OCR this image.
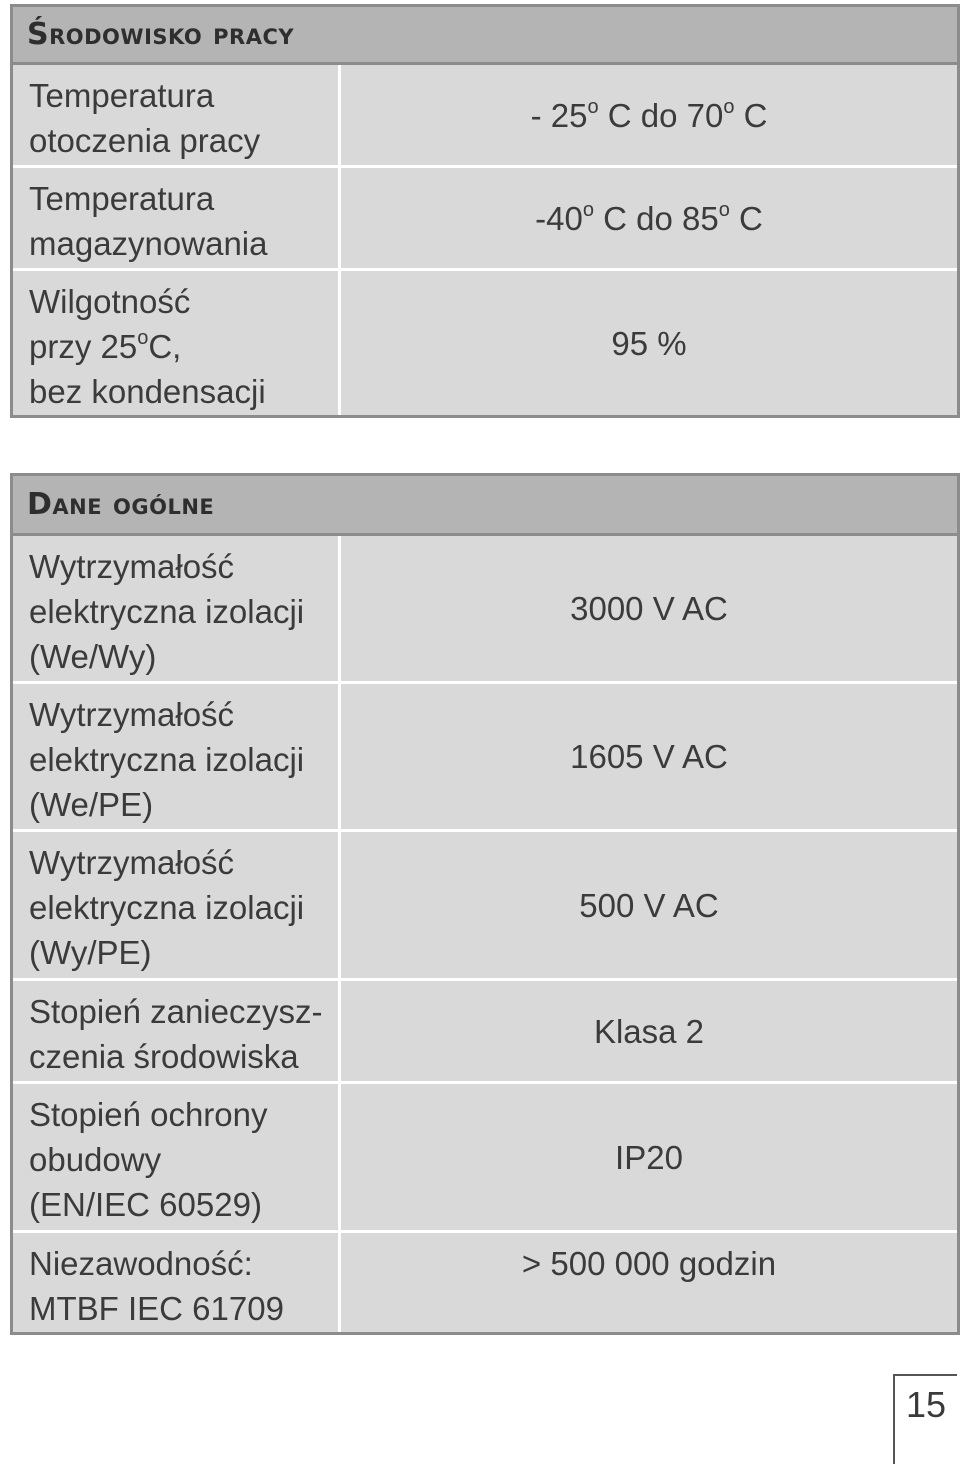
Środowisko pracy
Temperatura
otoczenia pracy
- 25$^o$ C do 70$^o$ C
Temperatura
magazynowania
-40$^o$ C do 85$^o$ C
Wilgotność
przy 25$^o$C,
bez kondensacji
95 %
Dane ogólne
Wytrzymałość
elektryczna izolacji
(We/Wy)
3000 V AC
Wytrzymałość
elektryczna izolacji
(We/PE)
1605 V AC
Wytrzymałość
elektryczna izolacji
(Wy/PE)
500 V AC
Stopień zanieczysz-
czenia środowiska
Klasa 2
Stopień ochrony
obudowy
(EN/IEC 60529)
IP20
Niezawodność:
MTBF IEC 61709
> 500 000 godzin
15
